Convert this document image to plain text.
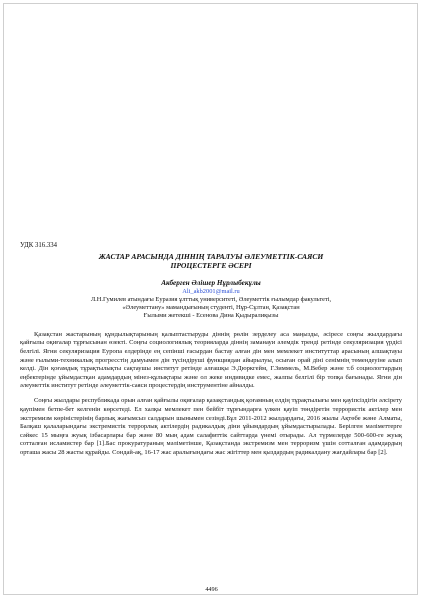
УДК 316.334
ЖАСТАР АРАСЫНДА ДІННІҢ ТАРАЛУЫ ӘЛЕУМЕТТІК-САЯСИ
ПРОЦЕСТЕРГЕ ӘСЕРІ
Акберген Әлішер Нұрлыбекұлы
Ali_akb2001@mail.ru
Л.Н.Гумилев атындағы Еуразия ұлттық университеті, Әлеуметтік ғылымдар факультеті,
«Әлеуметтану» мамандығының студенті, Нұр-Сұлтан, Қазақстан
Ғылыми жетекші - Есенова Дина Қыдыралиқызы

Қазақстан жастарының құндылықтарының қалыптастыруды діннің рөлін зерделеу аса маңызды, әсіресе соңғы жылдардағы қайғылы оқиғалар тұрғысынан өзекті. Соңғы социологиялық теорияларда діннің заманауи әлемдік трендi ретiнде секуляризация үрдісі белгілі. Ягни секуляризация Еуропа елдерінде ең сепінші ғасырдан бастау алған дін мен мемлекет институттар арасының алшақтауы және ғылыми-техникалық прогресстің дамуымен дін түсіндірушi функциядан айырылуы, осыған орай дінi сенiмнiң төмендеуіне алып келді. Дін қоғамдық тұрақтылықты сақтаушы институт ретінде алғашқы Э.Дюркгейм, Г.Зиммель, М.Вебер және т.б социологтардың еңбектерінде ұйымдастқан адамдардың мінез-құлықтары және ол жеке индивидке емес, жалпы белгілі бір топқа бағынады. Ягни дін әлеуметтік институт ретінде әлеуметтік-саяси процестердің инструментіне айналды.

Соңғы жылдары республикада орын алған қайғылы оқиғалар қазақстандық қоғамның елдің тұрақтылығы мен қауіпсіздігін әлсірету қаупімен бетпе-бет келгенін көрсетеді. Ел халқы мемлекет пен бейбіт тұрғындарға үлкен қауіп төндіретін террористік актілер мен экстремизм көріністерінің барлық жағымсыз салдарын шынымен сезінді.Бұл 2011-2012 жылдардағы, 2016 жылы Ақтөбе және Алматы, Балқаш қалаларындағы экстремистік террорлық актілердің радикалдық діни ұйымдардың ұйымдастырылады. Берілген мәліметтерге сәйкес 15 мыңға жуық ізбасарлары бар және 80 мың адам салафиттік сайттарда үнемі отырады. Ал түрмелерде 500-600-ге жуық сотталған исламистер бар [1].Бас прокуратураның мәліметінше, Қазақстанда экстремизм мен терроризм үшін сотталған адамдардың орташа жасы 28 жасты құрайды. Сондай-ақ, 16-17 жас аралығындағы жас жігіттер мен қыздардың радикалдану жағдайлары бар [2].

4496
